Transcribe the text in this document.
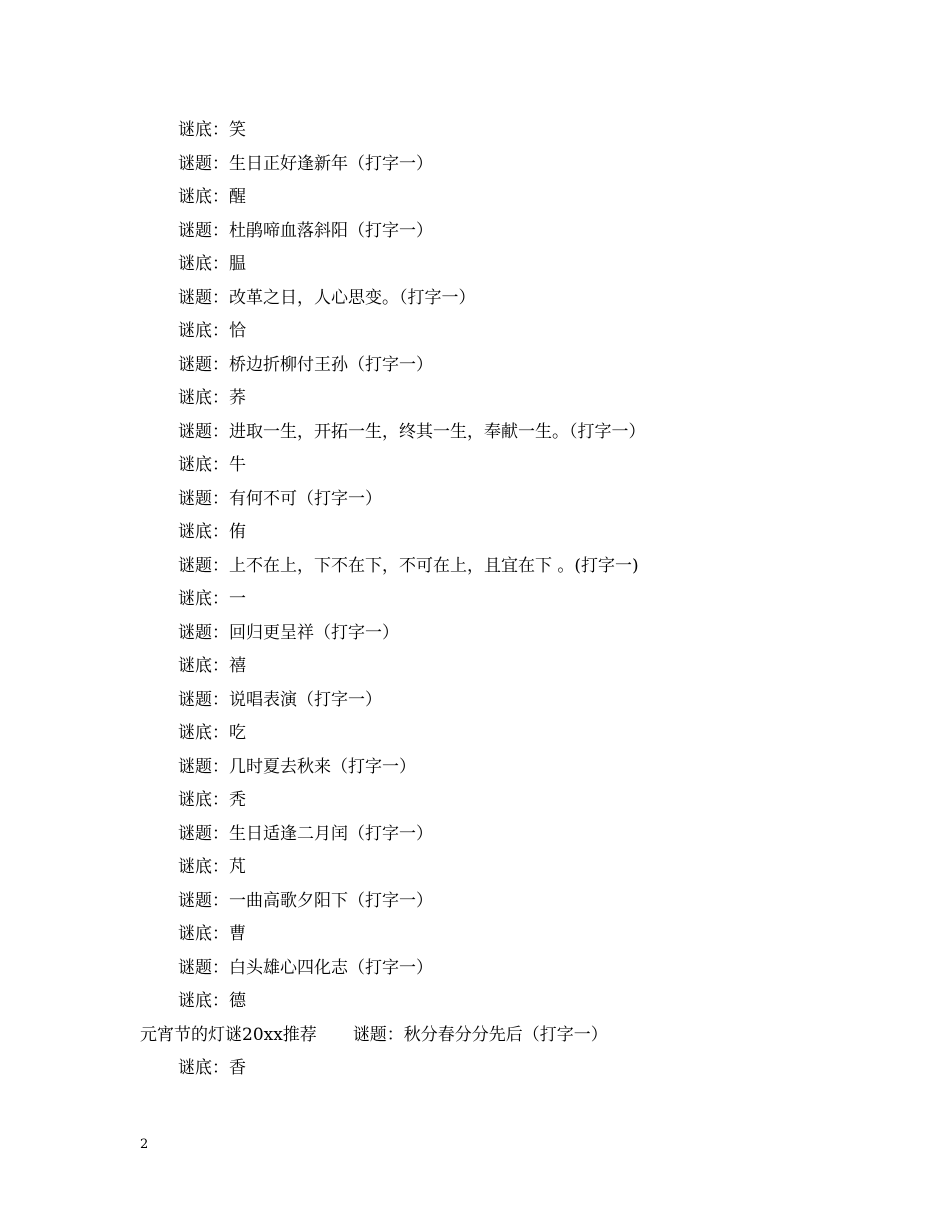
谜底：笑
谜题：生日正好逢新年（打字一）
谜底：醒
谜题：杜鹃啼血落斜阳（打字一）
谜底：腽
谜题：改革之日，人心思变。（打字一）
谜底：恰
谜题：桥边折柳付王孙（打字一）
谜底：荞
谜题：进取一生，开拓一生，终其一生，奉献一生。（打字一）
谜底：牛
谜题：有何不可（打字一）
谜底：侑
谜题：上不在上，下不在下，不可在上，且宜在下 。(打字一)
谜底：一
谜题：回归更呈祥（打字一）
谜底：禧
谜题：说唱表演（打字一）
谜底：吃
谜题：几时夏去秋来（打字一）
谜底：秃
谜题：生日适逢二月闰（打字一）
谜底：芃
谜题：一曲高歌夕阳下（打字一）
谜底：曹
谜题：白头雄心四化志（打字一）
谜底：德
元宵节的灯谜20xx推荐 谜题：秋分春分分先后（打字一）
谜底：香
2
